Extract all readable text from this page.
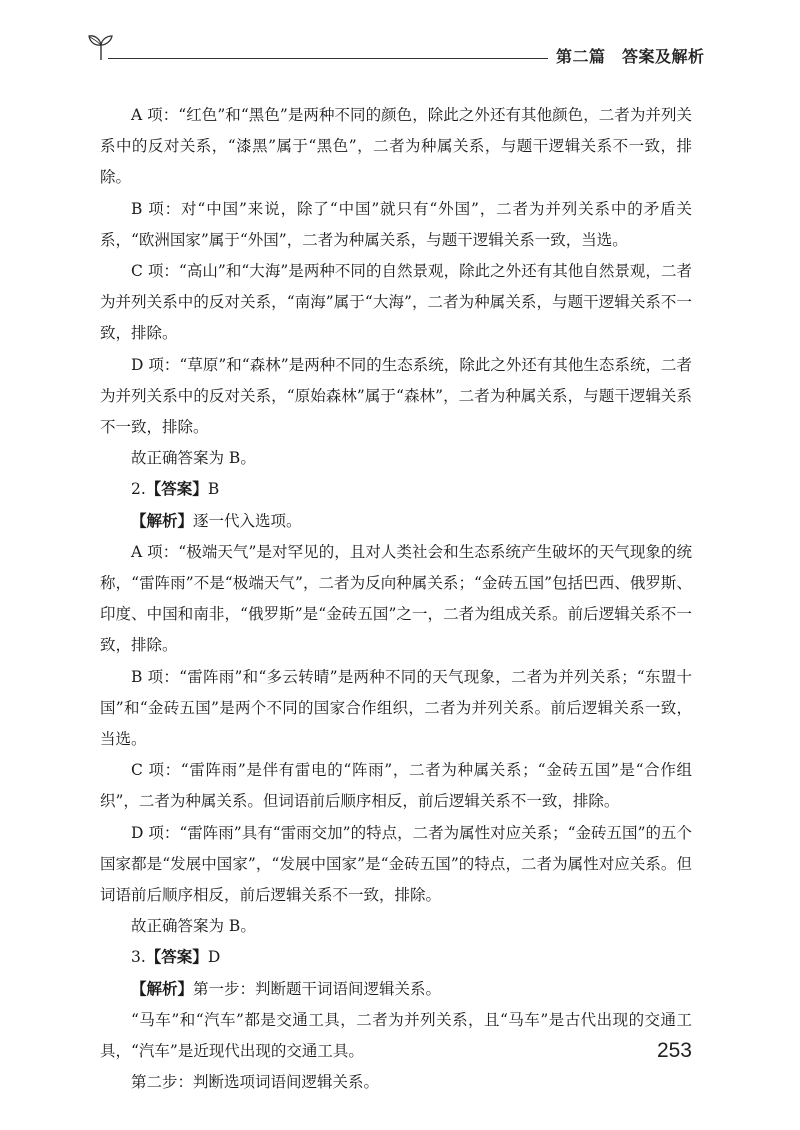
第二篇　答案及解析

A 项：“红色”和“黑色”是两种不同的颜色，除此之外还有其他颜色，二者为并列关系中的反对关系，“漆黑”属于“黑色”，二者为种属关系，与题干逻辑关系不一致，排除。

B 项：对“中国”来说，除了“中国”就只有“外国”，二者为并列关系中的矛盾关系，“欧洲国家”属于“外国”，二者为种属关系，与题干逻辑关系一致，当选。

C 项：“高山”和“大海”是两种不同的自然景观，除此之外还有其他自然景观，二者为并列关系中的反对关系，“南海”属于“大海”，二者为种属关系，与题干逻辑关系不一致，排除。

D 项：“草原”和“森林”是两种不同的生态系统，除此之外还有其他生态系统，二者为并列关系中的反对关系，“原始森林”属于“森林”，二者为种属关系，与题干逻辑关系不一致，排除。

故正确答案为 B。

2.【答案】B

【解析】逐一代入选项。

A 项：“极端天气”是对罕见的，且对人类社会和生态系统产生破坏的天气现象的统称，“雷阵雨”不是“极端天气”，二者为反向种属关系；“金砖五国”包括巴西、俄罗斯、印度、中国和南非，“俄罗斯”是“金砖五国”之一，二者为组成关系。前后逻辑关系不一致，排除。

B 项：“雷阵雨”和“多云转晴”是两种不同的天气现象，二者为并列关系；“东盟十国”和“金砖五国”是两个不同的国家合作组织，二者为并列关系。前后逻辑关系一致，当选。

C 项：“雷阵雨”是伴有雷电的“阵雨”，二者为种属关系；“金砖五国”是“合作组织”，二者为种属关系。但词语前后顺序相反，前后逻辑关系不一致，排除。

D 项：“雷阵雨”具有“雷雨交加”的特点，二者为属性对应关系；“金砖五国”的五个国家都是“发展中国家”，“发展中国家”是“金砖五国”的特点，二者为属性对应关系。但词语前后顺序相反，前后逻辑关系不一致，排除。

故正确答案为 B。

3.【答案】D

【解析】第一步：判断题干词语间逻辑关系。

“马车”和“汽车”都是交通工具，二者为并列关系，且“马车”是古代出现的交通工具，“汽车”是近现代出现的交通工具。

第二步：判断选项词语间逻辑关系。

253
